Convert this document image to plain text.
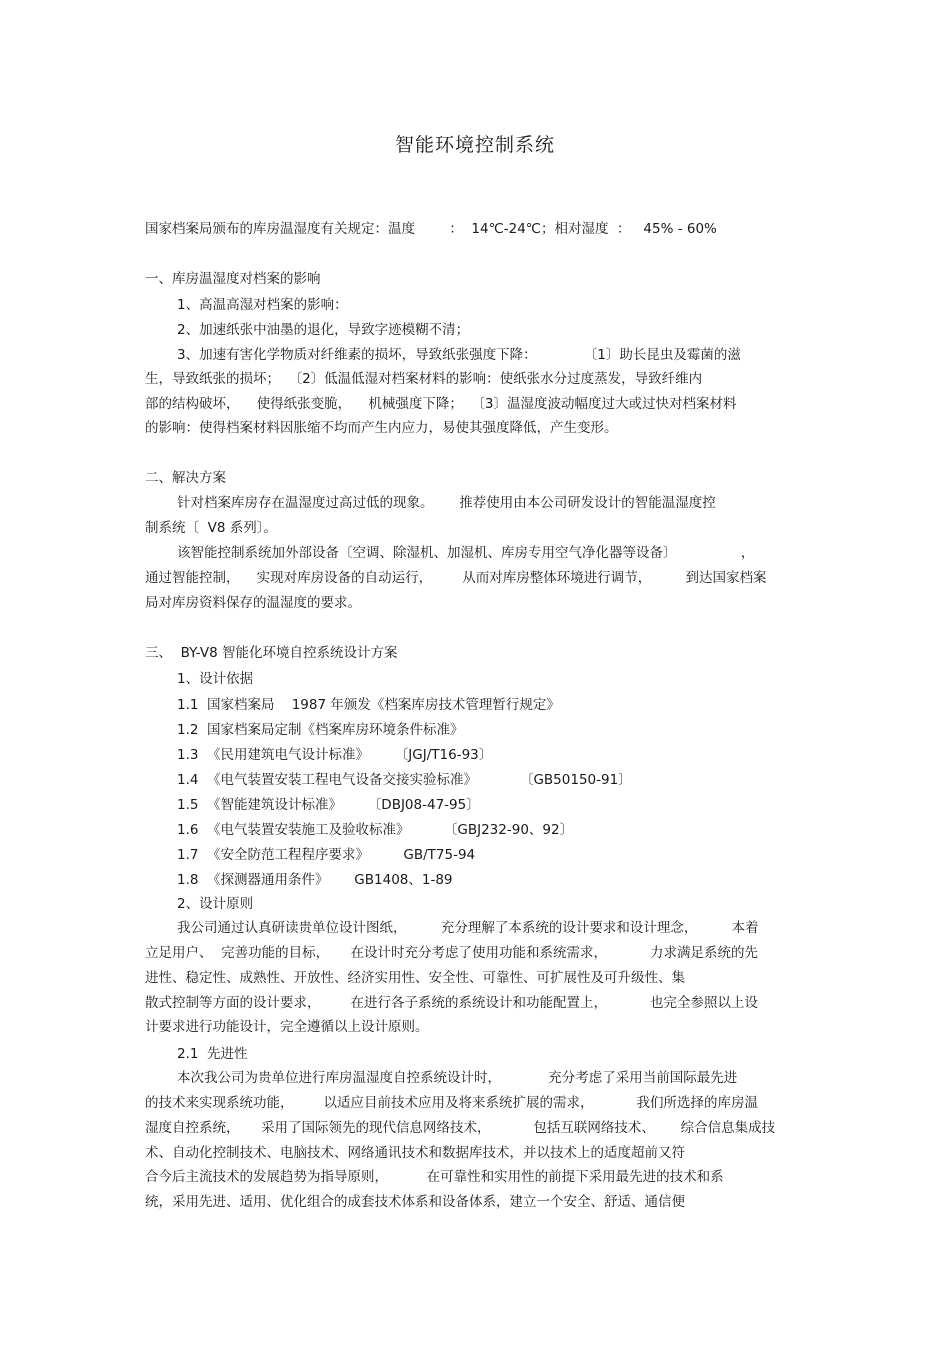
智能环境控制系统
国家档案局颁布的库房温湿度有关规定：温度        ：  14℃-24℃；相对湿度  ：   45% - 60%
一、库房温湿度对档案的影响
1、高温高湿对档案的影响：
2、加速纸张中油墨的退化，导致字迹模糊不清；
3、加速有害化学物质对纤维素的损坏，导致纸张强度下降：           〔1〕助长昆虫及霉菌的滋
生，导致纸张的损坏；  〔2〕低温低湿对档案材料的影响：使纸张水分过度蒸发，导致纤维内
部的结构破坏，    使得纸张变脆，    机械强度下降；  〔3〕温湿度波动幅度过大或过快对档案材料
的影响：使得档案材料因胀缩不均而产生内应力，易使其强度降低，产生变形。
二、解决方案
针对档案库房存在温湿度过高过低的现象。      推荐使用由本公司研发设计的智能温湿度控
制系统〔  V8 系列〕。
该智能控制系统加外部设备〔空调、除湿机、加湿机、库房专用空气净化器等设备〕               ，
通过智能控制，    实现对库房设备的自动运行，       从而对库房整体环境进行调节，        到达国家档案
局对库房资料保存的温湿度的要求。
三、  BY-V8 智能化环境自控系统设计方案
1、设计依据
1.1  国家档案局    1987 年颁发《档案库房技术管理暂行规定》
1.2  国家档案局定制《档案库房环境条件标准》
1.3  《民用建筑电气设计标准》      〔JGJ/T16-93〕
1.4  《电气装置安装工程电气设备交接实验标准》          〔GB50150-91〕
1.5  《智能建筑设计标准》      〔DBJ08-47-95〕
1.6  《电气装置安装施工及验收标准》        〔GBJ232-90、92〕
1.7  《安全防范工程程序要求》        GB/T75-94
1.8  《探测器通用条件》      GB1408、1-89
2、设计原则
我公司通过认真研读贵单位设计图纸，        充分理解了本系统的设计要求和设计理念，        本着
立足用户、  完善功能的目标，     在设计时充分考虑了使用功能和系统需求，          力求满足系统的先
进性、稳定性、成熟性、开放性、经济实用性、安全性、可靠性、可扩展性及可升级性、集
散式控制等方面的设计要求，       在进行各子系统的系统设计和功能配置上，          也完全参照以上设
计要求进行功能设计，完全遵循以上设计原则。
2.1  先进性
本次我公司为贵单位进行库房温湿度自控系统设计时，           充分考虑了采用当前国际最先进
的技术来实现系统功能，       以适应目前技术应用及将来系统扩展的需求，          我们所选择的库房温
湿度自控系统，     采用了国际领先的现代信息网络技术，          包括互联网络技术、      综合信息集成技
术、自动化控制技术、电脑技术、网络通讯技术和数据库技术，并以技术上的适度超前又符
合今后主流技术的发展趋势为指导原则，         在可靠性和实用性的前提下采用最先进的技术和系
统，采用先进、适用、优化组合的成套技术体系和设备体系，建立一个安全、舒适、通信便
